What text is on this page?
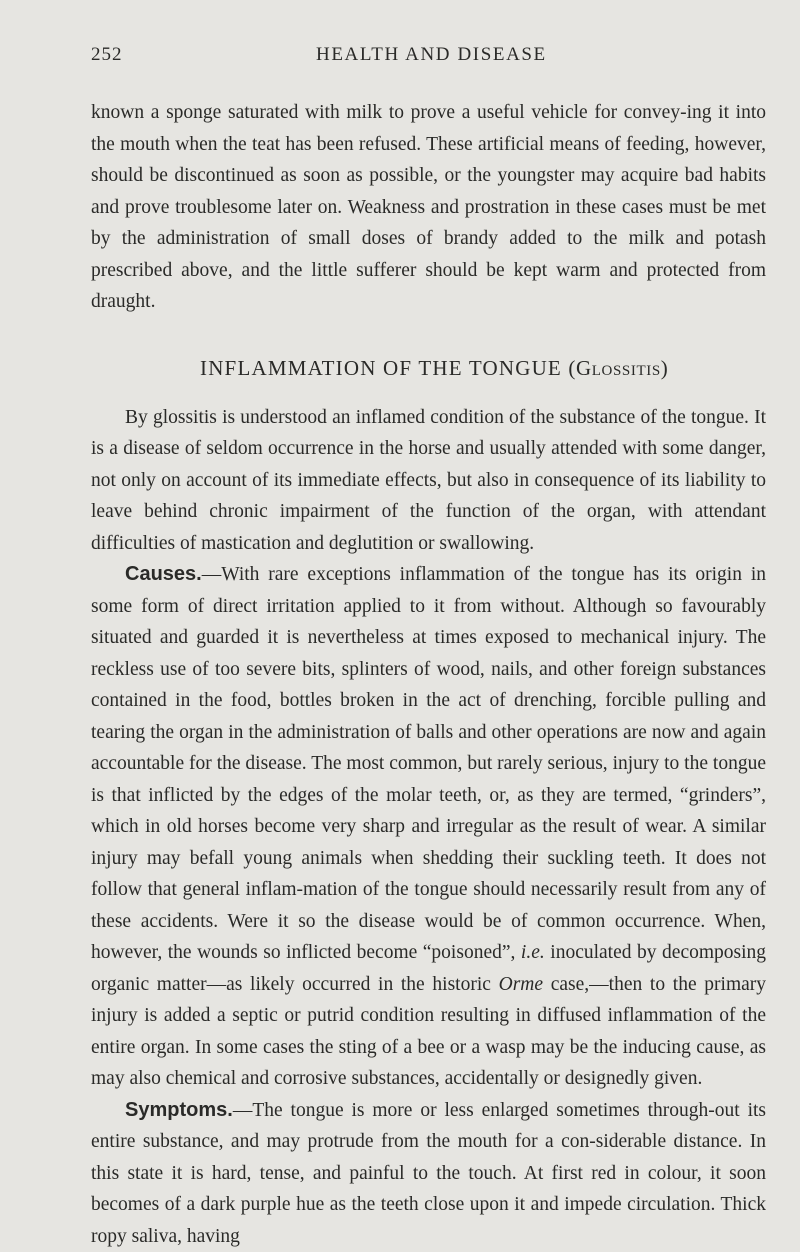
252	HEALTH AND DISEASE

known a sponge saturated with milk to prove a useful vehicle for convey-ing it into the mouth when the teat has been refused. These artificial means of feeding, however, should be discontinued as soon as possible, or the youngster may acquire bad habits and prove troublesome later on. Weakness and prostration in these cases must be met by the administration of small doses of brandy added to the milk and potash prescribed above, and the little sufferer should be kept warm and protected from draught.

INFLAMMATION OF THE TONGUE (Glossitis)

By glossitis is understood an inflamed condition of the substance of the tongue. It is a disease of seldom occurrence in the horse and usually attended with some danger, not only on account of its immediate effects, but also in consequence of its liability to leave behind chronic impairment of the function of the organ, with attendant difficulties of mastication and deglutition or swallowing.

Causes.—With rare exceptions inflammation of the tongue has its origin in some form of direct irritation applied to it from without. Although so favourably situated and guarded it is nevertheless at times exposed to mechanical injury. The reckless use of too severe bits, splinters of wood, nails, and other foreign substances contained in the food, bottles broken in the act of drenching, forcible pulling and tearing the organ in the administration of balls and other operations are now and again accountable for the disease. The most common, but rarely serious, injury to the tongue is that inflicted by the edges of the molar teeth, or, as they are termed, “grinders”, which in old horses become very sharp and irregular as the result of wear. A similar injury may befall young animals when shedding their suckling teeth. It does not follow that general inflam-mation of the tongue should necessarily result from any of these accidents. Were it so the disease would be of common occurrence. When, however, the wounds so inflicted become “poisoned”, i.e. inoculated by decomposing organic matter—as likely occurred in the historic Orme case,—then to the primary injury is added a septic or putrid condition resulting in diffused inflammation of the entire organ. In some cases the sting of a bee or a wasp may be the inducing cause, as may also chemical and corrosive substances, accidentally or designedly given.

Symptoms.—The tongue is more or less enlarged sometimes through-out its entire substance, and may protrude from the mouth for a con-siderable distance. In this state it is hard, tense, and painful to the touch. At first red in colour, it soon becomes of a dark purple hue as the teeth close upon it and impede circulation. Thick ropy saliva, having
